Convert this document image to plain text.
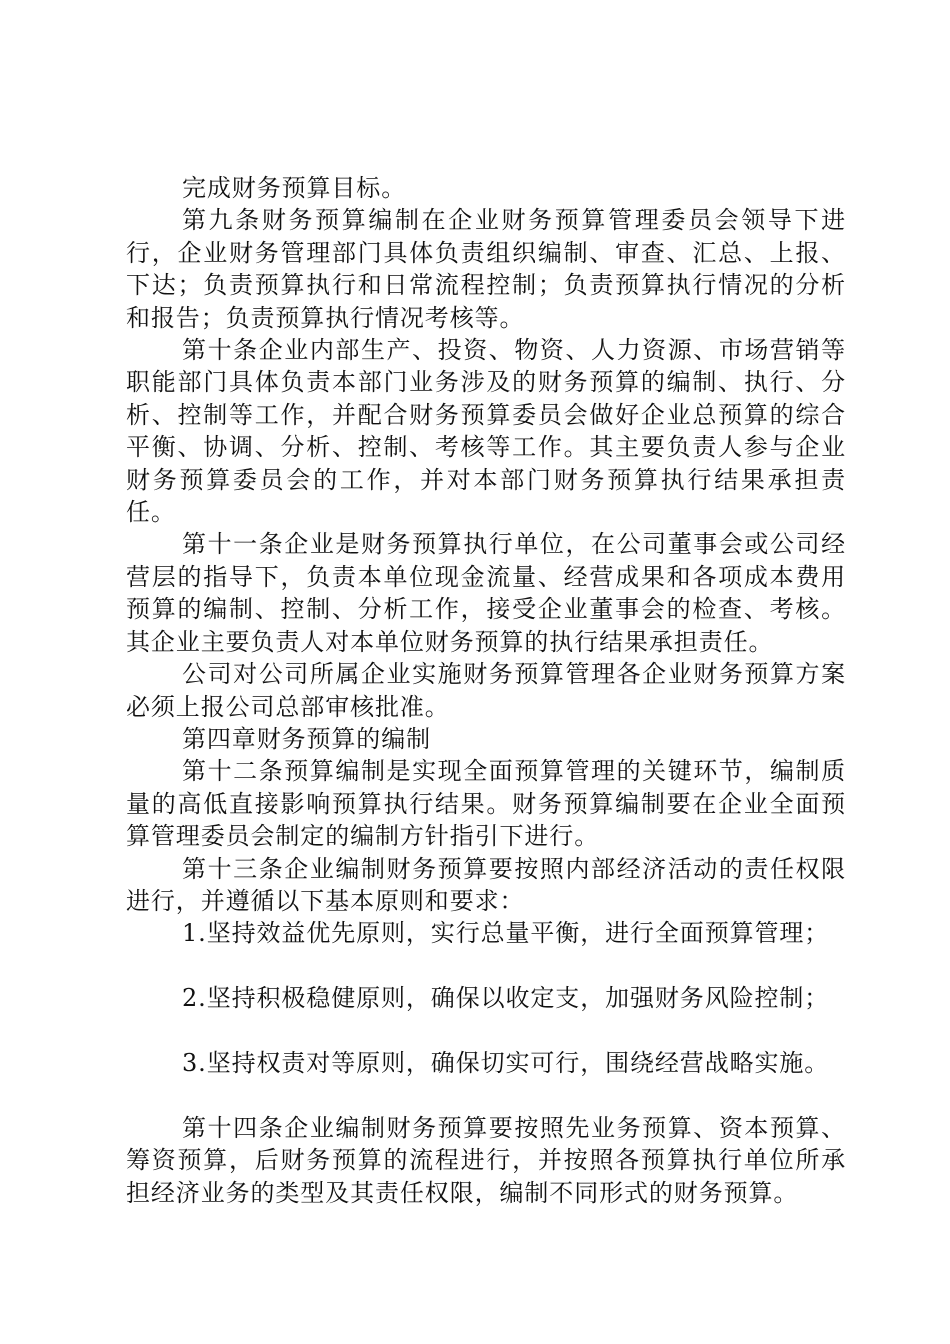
完成财务预算目标。

第九条财务预算编制在企业财务预算管理委员会领导下进行，企业财务管理部门具体负责组织编制、审查、汇总、上报、下达；负责预算执行和日常流程控制；负责预算执行情况的分析和报告；负责预算执行情况考核等。

第十条企业内部生产、投资、物资、人力资源、市场营销等职能部门具体负责本部门业务涉及的财务预算的编制、执行、分析、控制等工作，并配合财务预算委员会做好企业总预算的综合平衡、协调、分析、控制、考核等工作。其主要负责人参与企业财务预算委员会的工作，并对本部门财务预算执行结果承担责任。

第十一条企业是财务预算执行单位，在公司董事会或公司经营层的指导下，负责本单位现金流量、经营成果和各项成本费用预算的编制、控制、分析工作，接受企业董事会的检查、考核。其企业主要负责人对本单位财务预算的执行结果承担责任。

公司对公司所属企业实施财务预算管理各企业财务预算方案必须上报公司总部审核批准。

第四章财务预算的编制

第十二条预算编制是实现全面预算管理的关键环节，编制质量的高低直接影响预算执行结果。财务预算编制要在企业全面预算管理委员会制定的编制方针指引下进行。

第十三条企业编制财务预算要按照内部经济活动的责任权限进行，并遵循以下基本原则和要求：

1.坚持效益优先原则，实行总量平衡，进行全面预算管理；

2.坚持积极稳健原则，确保以收定支，加强财务风险控制；

3.坚持权责对等原则，确保切实可行，围绕经营战略实施。

第十四条企业编制财务预算要按照先业务预算、资本预算、筹资预算，后财务预算的流程进行，并按照各预算执行单位所承担经济业务的类型及其责任权限，编制不同形式的财务预算。
